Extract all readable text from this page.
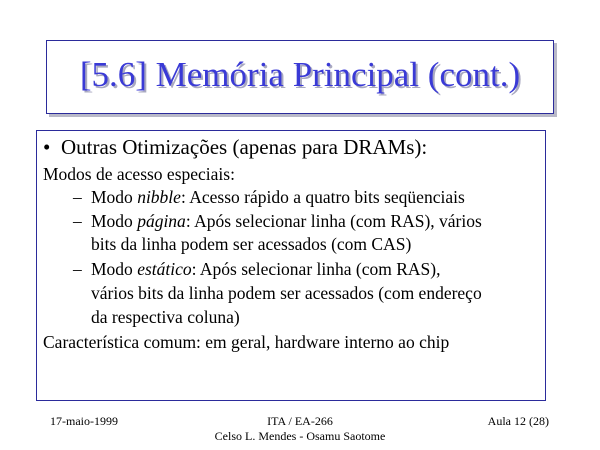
[5.6] Memória Principal (cont.)
• Outras Otimizações (apenas para DRAMs):
Modos de acesso especiais:
– Modo nibble: Acesso rápido a quatro bits seqüenciais
– Modo página: Após selecionar linha (com RAS), vários
bits da linha podem ser acessados (com CAS)
– Modo estático: Após selecionar linha (com RAS),
vários bits da linha podem ser acessados (com endereço
da respectiva coluna)
Característica comum: em geral, hardware interno ao chip
17-maio-1999	ITA / EA-266
Celso L. Mendes - Osamu Saotome
Aula 12 (28)
